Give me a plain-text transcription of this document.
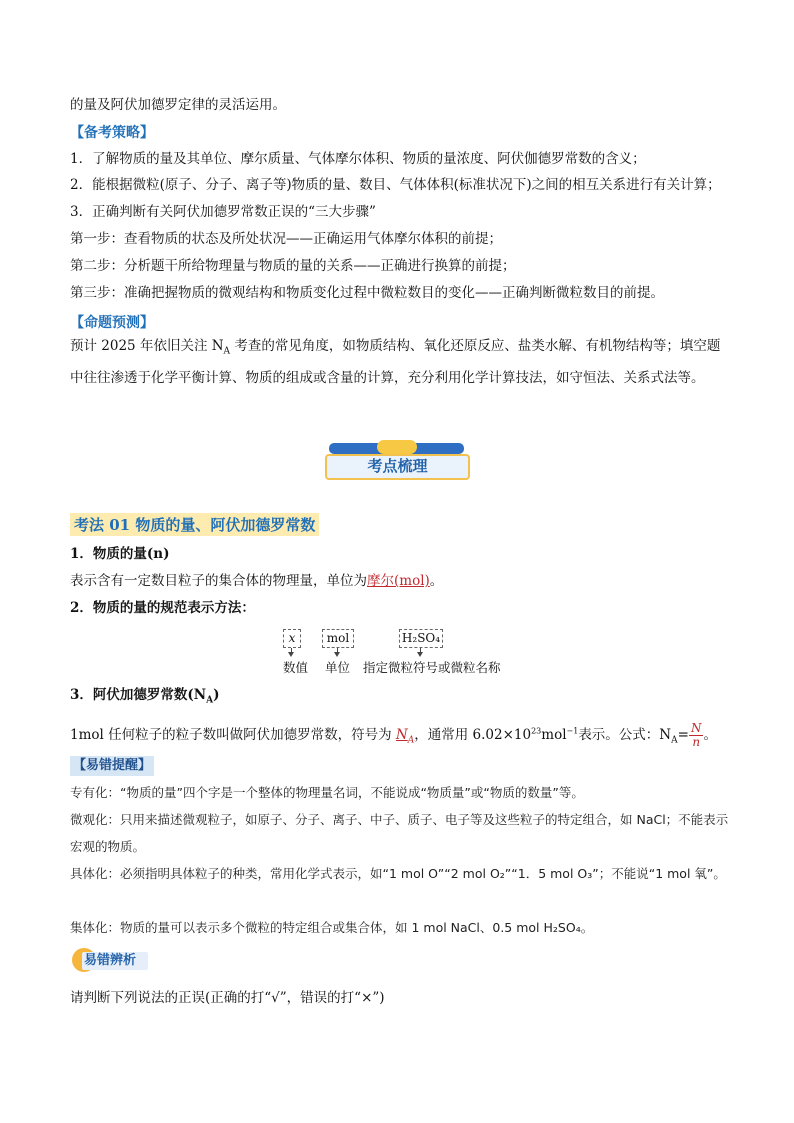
的量及阿伏加德罗定律的灵活运用。

【备考策略】

1．了解物质的量及其单位、摩尔质量、气体摩尔体积、物质的量浓度、阿伏伽德罗常数的含义；

2．能根据微粒(原子、分子、离子等)物质的量、数目、气体体积(标准状况下)之间的相互关系进行有关计算；

3．正确判断有关阿伏加德罗常数正误的“三大步骤”

第一步：查看物质的状态及所处状况——正确运用气体摩尔体积的前提；

第二步：分析题干所给物理量与物质的量的关系——正确进行换算的前提；

第三步：准确把握物质的微观结构和物质变化过程中微粒数目的变化——正确判断微粒数目的前提。

【命题预测】

预计 2025 年依旧关注 $N_A$ 考查的常见角度，如物质结构、氧化还原反应、盐类水解、有机物结构等；填空题中往往渗透于化学平衡计算、物质的组成或含量的计算，充分利用化学计算技法，如守恒法、关系式法等。

考点梳理

考法 01 物质的量、阿伏加德罗常数

1．物质的量(n)

表示含有一定数目粒子的集合体的物理量，单位为摩尔(mol)。

2．物质的量的规范表示方法：

x	mol	H₂SO₄
数值 单位 指定微粒符号或微粒名称

3．阿伏加德罗常数$(N_A)$

1mol 任何粒子的粒子数叫做阿伏加德罗常数，符号为 $N_A$，通常用 $6.02\times 10^{23}mol^{-1}$表示。公式：$N_A= \frac{N}{n}$ 。

【易错提醒】

专有化：“物质的量”四个字是一个整体的物理量名词，不能说成“物质量”或“物质的数量”等。

微观化：只用来描述微观粒子，如原子、分子、离子、中子、质子、电子等及这些粒子的特定组合，如 NaCl；不能表示宏观的物质。

具体化：必须指明具体粒子的种类，常用化学式表示，如“1 mol O”“2 mol O₂”“1．5 mol O₃”；不能说“1 mol 氧”。

集体化：物质的量可以表示多个微粒的特定组合或集合体，如 1 mol NaCl、0.5 mol H₂SO₄。

易错辨析

请判断下列说法的正误(正确的打“√”，错误的打“×”)
